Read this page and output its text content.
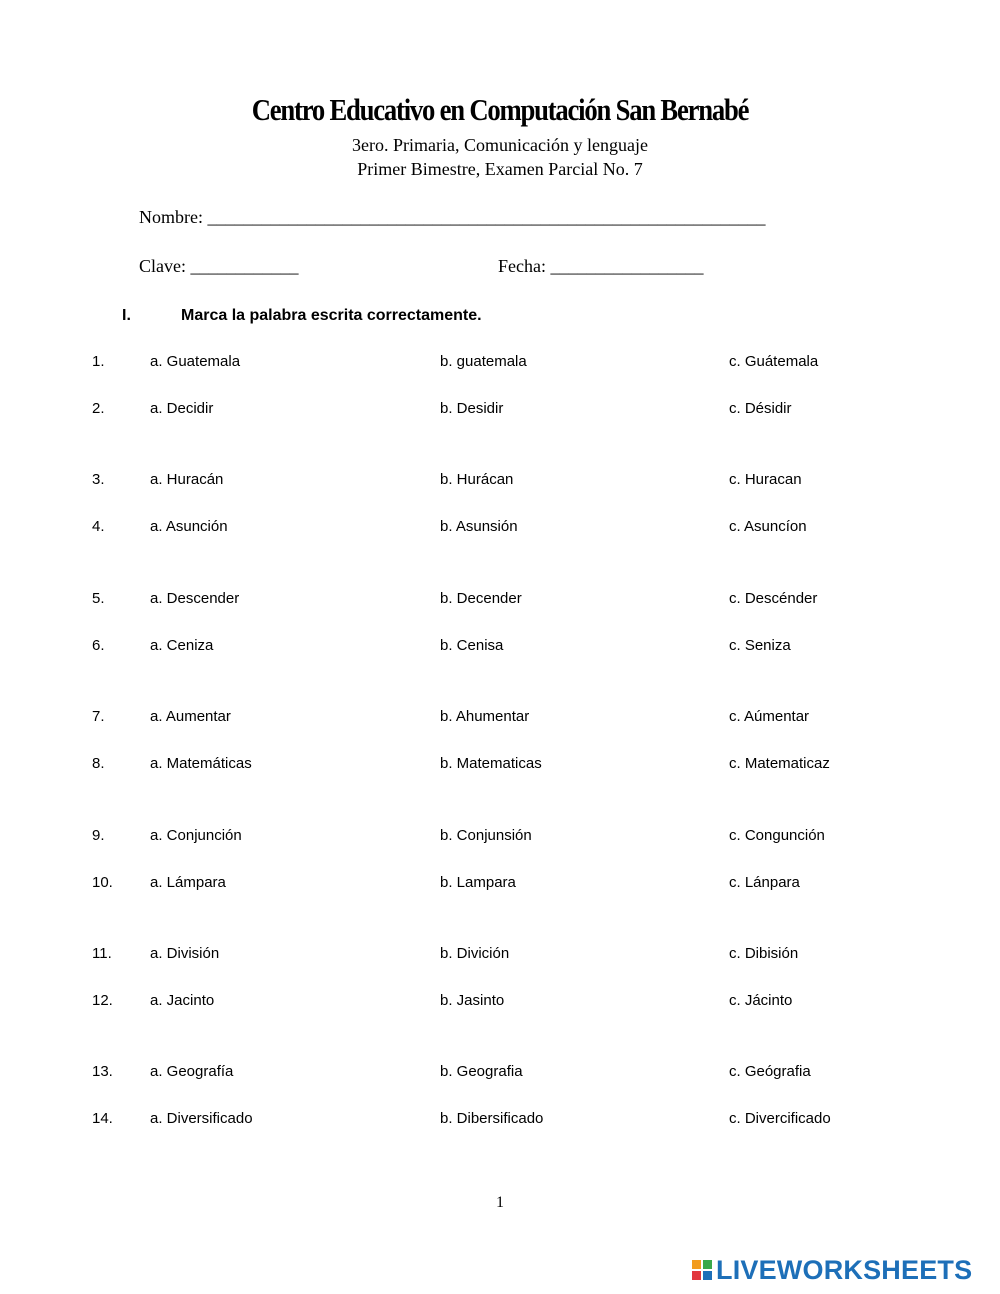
Centro Educativo en Computación San Bernabé
3ero. Primaria, Comunicación y lenguaje
Primer Bimestre, Examen Parcial No. 7
Nombre: ______________________________________________________________
Clave: ____________	Fecha: _________________
I.	Marca la palabra escrita correctamente.
1.	a. Guatemala	b. guatemala	c. Guátemala
2.	a. Decidir	b. Desidir	c. Désidir
3.	a. Huracán	b. Hurácan	c. Huracan
4.	a. Asunción	b. Asunsión	c. Asuncíon
5.	a. Descender	b. Decender	c. Descénder
6.	a. Ceniza	b. Cenisa	c. Seniza
7.	a. Aumentar	b. Ahumentar	c. Aúmentar
8.	a. Matemáticas	b. Matematicas	c. Matematicaz
9.	a. Conjunción	b. Conjunsión	c. Congunción
10. a. Lámpara	b. Lampara	c. Lánpara
11.	a. División	b. Divición	c. Dibisión
12. a. Jacinto	b. Jasinto	c. Jácinto
13. a. Geografía	b. Geografia	c. Geógrafia
14. a. Diversificado	b. Dibersificado	c. Divercificado
1
LIVEWORKSHEETS
